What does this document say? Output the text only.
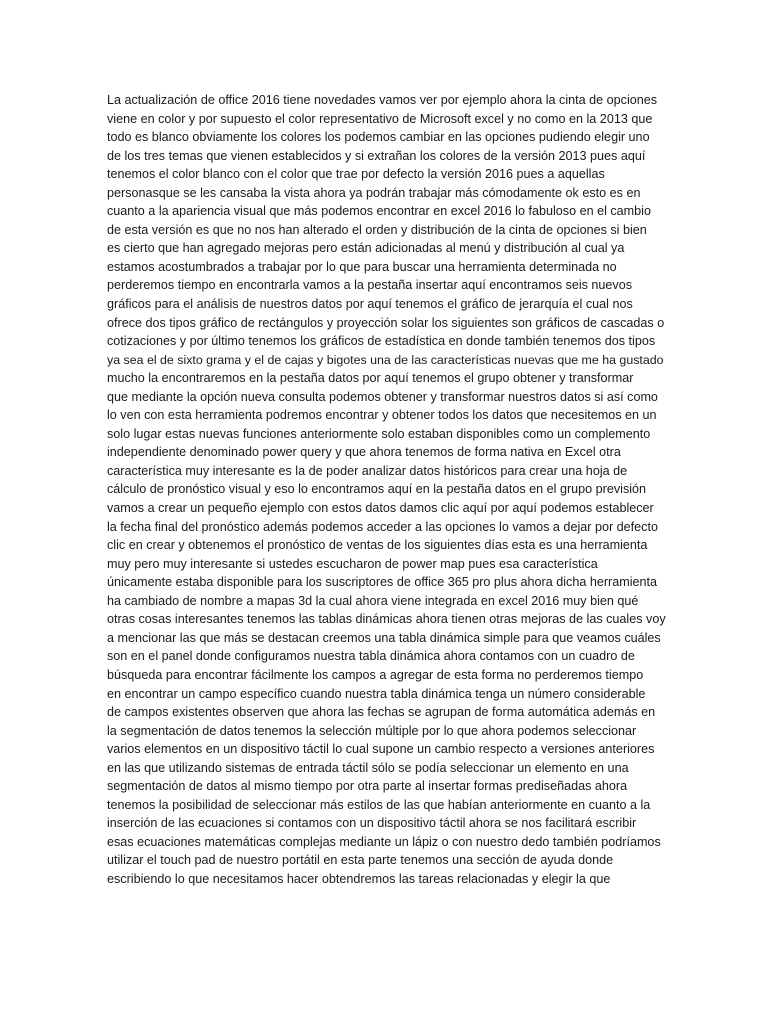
La actualización de office 2016 tiene novedades vamos ver por ejemplo ahora la cinta de opciones
viene en color y por supuesto el color representativo de Microsoft excel y no como en la 2013 que
todo es blanco obviamente los colores los podemos cambiar en las opciones pudiendo elegir uno
de los tres temas que vienen establecidos y si extrañan los colores de la versión 2013 pues aquí
tenemos el color blanco con el color que trae por defecto la versión 2016 pues a aquellas
personasque se les cansaba la vista ahora ya podrán trabajar más cómodamente ok esto es en
cuanto a la apariencia visual que más podemos encontrar en excel 2016 lo fabuloso en el cambio
de esta versión es que no nos han alterado el orden y distribución de la cinta de opciones si bien
es cierto que han agregado mejoras pero están adicionadas al menú y distribución al cual ya
estamos acostumbrados a trabajar por lo que para buscar una herramienta determinada no
perderemos tiempo en encontrarla vamos a la pestaña insertar aquí encontramos seis nuevos
gráficos para el análisis de nuestros datos por aquí tenemos el gráfico de jerarquía el cual nos
ofrece dos tipos gráfico de rectángulos y proyección solar los siguientes son gráficos de cascadas o
cotizaciones y por último tenemos los gráficos de estadística en donde también tenemos dos tipos
ya sea el de sixto grama y el de cajas y bigotes una de las características nuevas que me ha gustado
mucho la encontraremos en la pestaña datos por aquí tenemos el grupo obtener y transformar
que mediante la opción nueva consulta podemos obtener y transformar nuestros datos si así como
lo ven con esta herramienta podremos encontrar y obtener todos los datos que necesitemos en un
solo lugar estas nuevas funciones anteriormente solo estaban disponibles como un complemento
independiente denominado power query y que ahora tenemos de forma nativa en Excel otra
característica muy interesante es la de poder analizar datos históricos para crear una hoja de
cálculo de pronóstico visual y eso lo encontramos aquí en la pestaña datos en el grupo previsión
vamos a crear un pequeño ejemplo con estos datos damos clic aquí por aquí podemos establecer
la fecha final del pronóstico además podemos acceder a las opciones lo vamos a dejar por defecto
clic en crear y obtenemos el pronóstico de ventas de los siguientes días esta es una herramienta
muy pero muy interesante si ustedes escucharon de power map pues esa característica
únicamente estaba disponible para los suscriptores de office 365 pro plus ahora dicha herramienta
ha cambiado de nombre a mapas 3d la cual ahora viene integrada en excel 2016 muy bien qué
otras cosas interesantes tenemos las tablas dinámicas ahora tienen otras mejoras de las cuales voy
a mencionar las que más se destacan creemos una tabla dinámica simple para que veamos cuáles
son en el panel donde configuramos nuestra tabla dinámica ahora contamos con un cuadro de
búsqueda para encontrar fácilmente los campos a agregar de esta forma no perderemos tiempo
en encontrar un campo específico cuando nuestra tabla dinámica tenga un número considerable
de campos existentes observen que ahora las fechas se agrupan de forma automática además en
la segmentación de datos tenemos la selección múltiple por lo que ahora podemos seleccionar
varios elementos en un dispositivo táctil lo cual supone un cambio respecto a versiones anteriores
en las que utilizando sistemas de entrada táctil sólo se podía seleccionar un elemento en una
segmentación de datos al mismo tiempo por otra parte al insertar formas prediseñadas ahora
tenemos la posibilidad de seleccionar más estilos de las que habían anteriormente en cuanto a la
inserción de las ecuaciones si contamos con un dispositivo táctil ahora se nos facilitará escribir
esas ecuaciones matemáticas complejas mediante un lápiz o con nuestro dedo también podríamos
utilizar el touch pad de nuestro portátil en esta parte tenemos una sección de ayuda donde
escribiendo lo que necesitamos hacer obtendremos las tareas relacionadas y elegir la que
